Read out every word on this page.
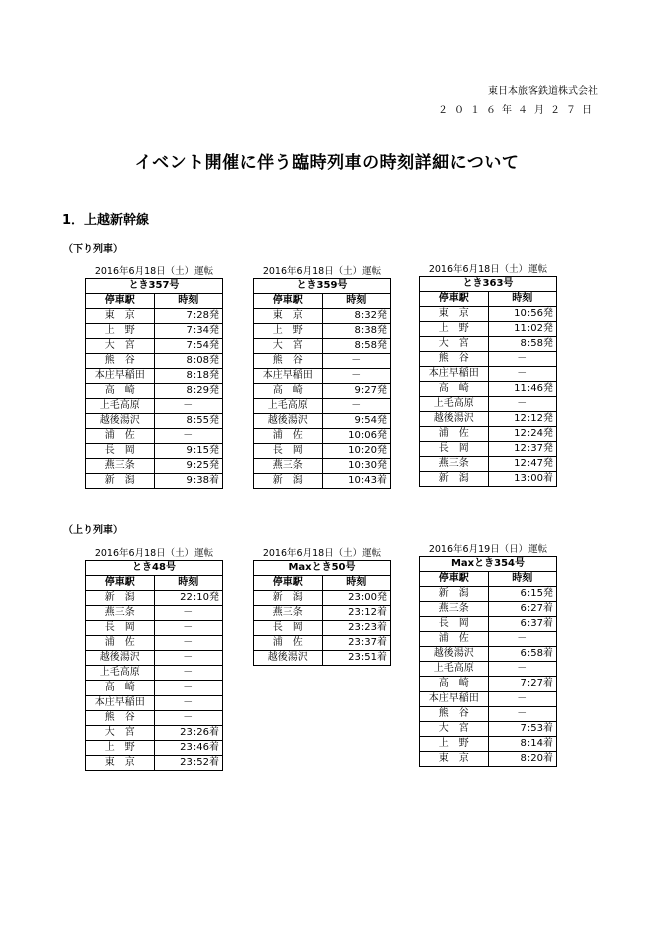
東日本旅客鉄道株式会社
２０１６年４月２７日
イベント開催に伴う臨時列車の時刻詳細について
1．上越新幹線
（下り列車）
（上り列車）
2016年6月18日（土）運転
とき357号	
停車駅	時刻
東　京	7:28発
上　野	7:34発
大　宮	7:54発
熊　谷	8:08発
本庄早稲田	8:18発
高　崎	8:29発
上毛高原	－
越後湯沢	8:55発
浦　佐	－
長　岡	9:15発
燕三条	9:25発
新　潟	9:38着
2016年6月18日（土）運転
とき359号	
停車駅	時刻
東　京	8:32発
上　野	8:38発
大　宮	8:58発
熊　谷	－
本庄早稲田	－
高　崎	9:27発
上毛高原	－
越後湯沢	9:54発
浦　佐	10:06発
長　岡	10:20発
燕三条	10:30発
新　潟	10:43着
2016年6月18日（土）運転
とき363号	
停車駅	時刻
東　京	10:56発
上　野	11:02発
大　宮	8:58発
熊　谷	－
本庄早稲田	－
高　崎	11:46発
上毛高原	－
越後湯沢	12:12発
浦　佐	12:24発
長　岡	12:37発
燕三条	12:47発
新　潟	13:00着
2016年6月18日（土）運転
とき48号	
停車駅	時刻
新　潟	22:10発
燕三条	－
長　岡	－
浦　佐	－
越後湯沢	－
上毛高原	－
高　崎	－
本庄早稲田	－
熊　谷	－
大　宮	23:26着
上　野	23:46着
東　京	23:52着
2016年6月18日（土）運転
Maxとき50号	
停車駅	時刻
新　潟	23:00発
燕三条	23:12着
長　岡	23:23着
浦　佐	23:37着
越後湯沢	23:51着
2016年6月19日（日）運転
Maxとき354号	
停車駅	時刻
新　潟	6:15発
燕三条	6:27着
長　岡	6:37着
浦　佐	－
越後湯沢	6:58着
上毛高原	－
高　崎	7:27着
本庄早稲田	－
熊　谷	－
大　宮	7:53着
上　野	8:14着
東　京	8:20着
